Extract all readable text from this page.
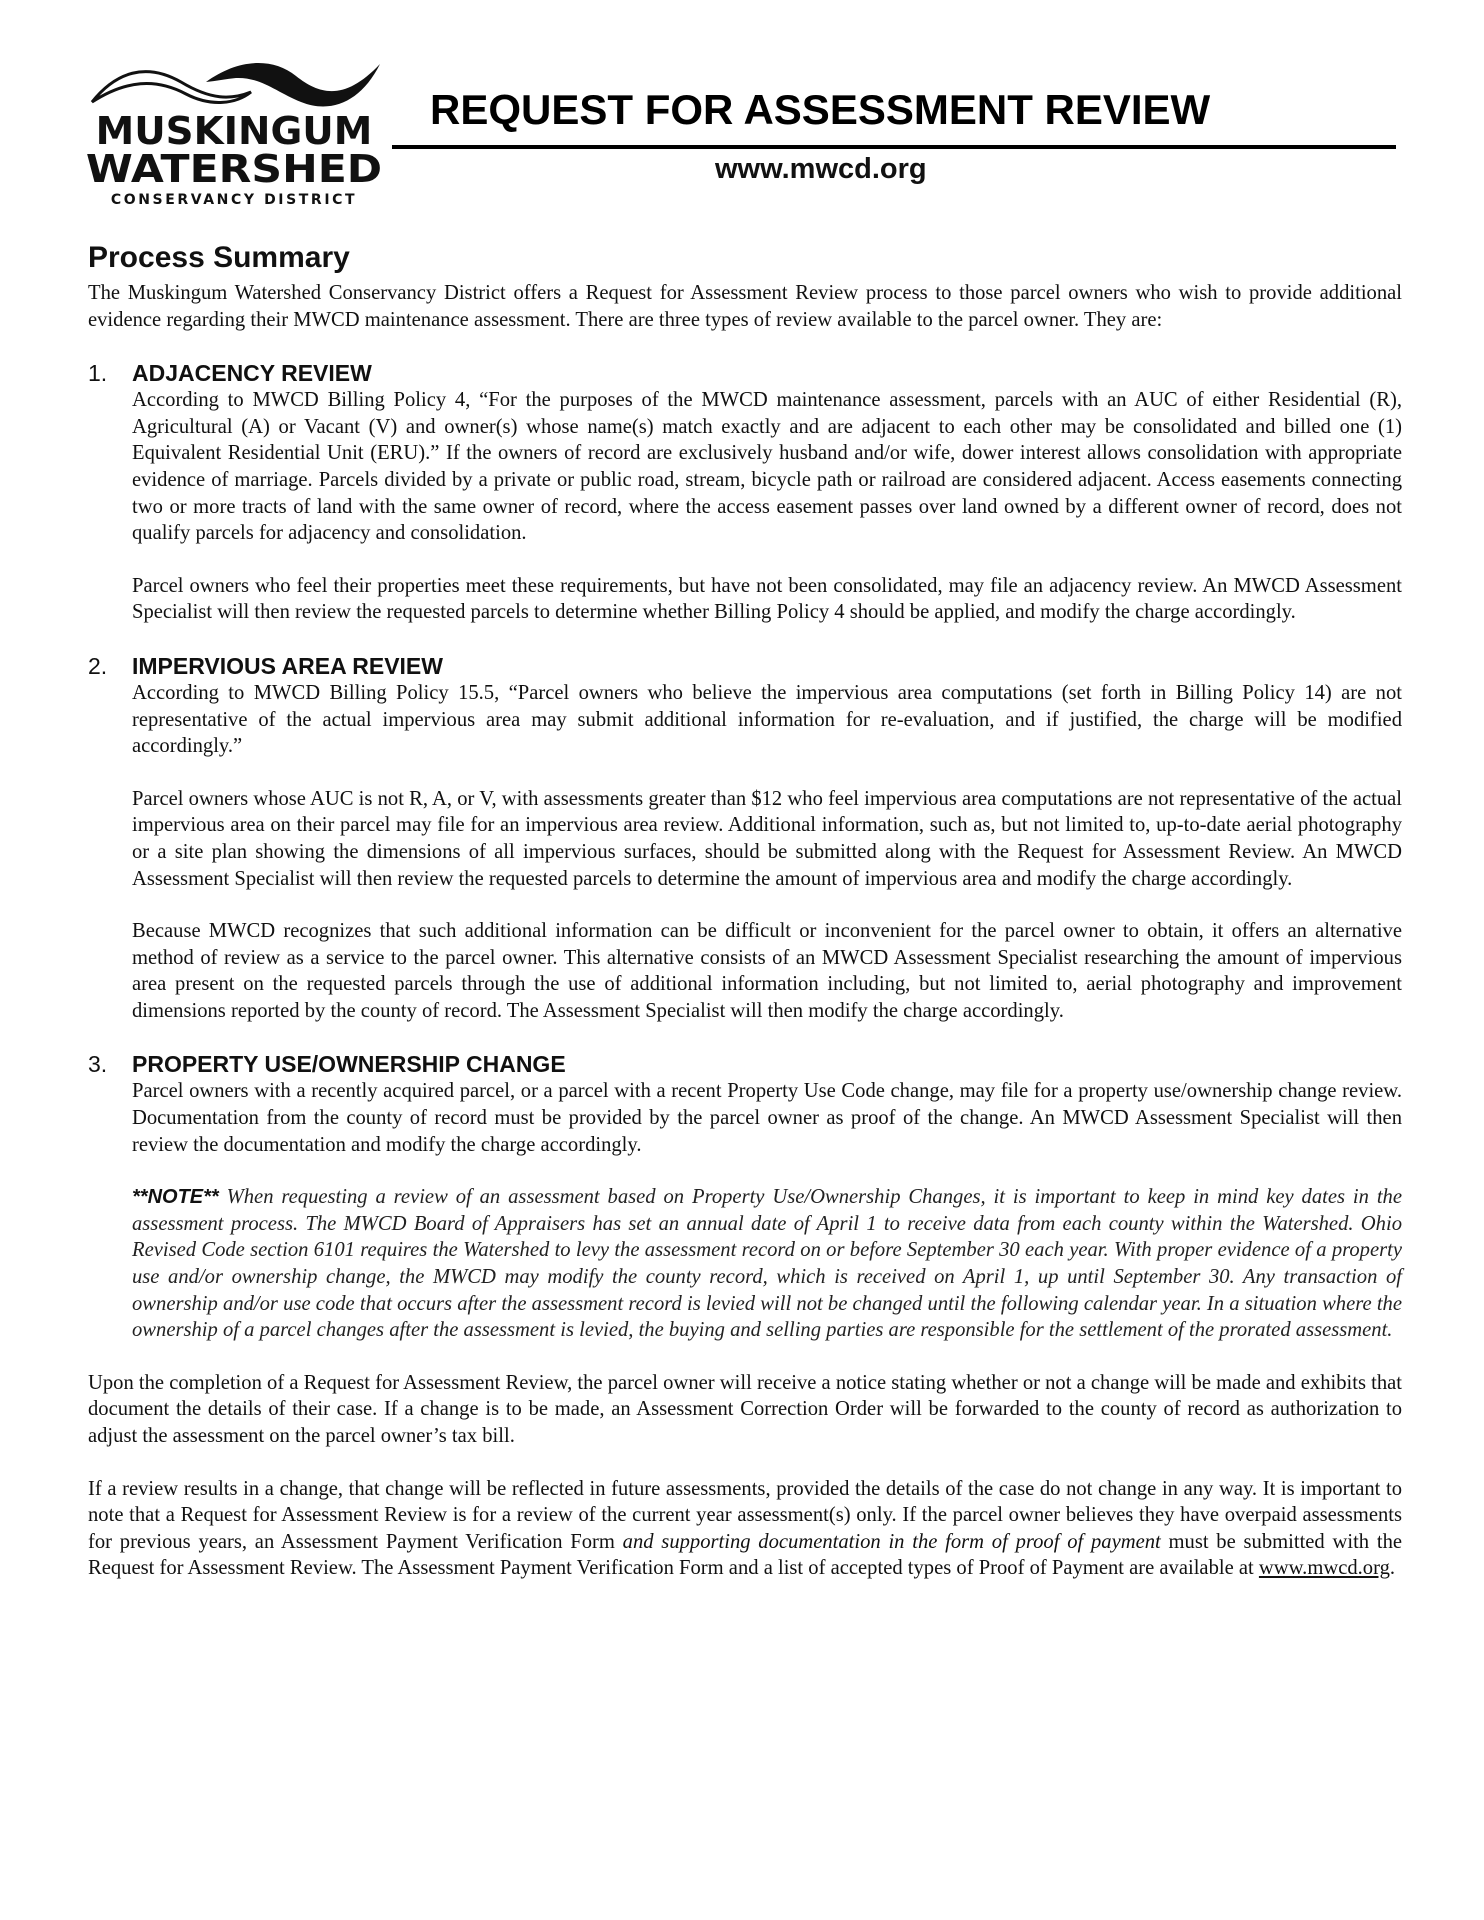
MUSKINGUM
WATERSHED
CONSERVANCY DISTRICT
REQUEST FOR ASSESSMENT REVIEW
www.mwcd.org
Process Summary

The Muskingum Watershed Conservancy District offers a Request for Assessment Review process to those parcel owners who wish to provide additional evidence regarding their MWCD maintenance assessment. There are three types of review available to the parcel owner. They are:

1. ADJACENCY REVIEW

According to MWCD Billing Policy 4, “For the purposes of the MWCD maintenance assessment, parcels with an AUC of either Residential (R), Agricultural (A) or Vacant (V) and owner(s) whose name(s) match exactly and are adjacent to each other may be consolidated and billed one (1) Equivalent Residential Unit (ERU).” If the owners of record are exclusively husband and/or wife, dower interest allows consolidation with appropriate evidence of marriage. Parcels divided by a private or public road, stream, bicycle path or railroad are considered adjacent. Access easements connecting two or more tracts of land with the same owner of record, where the access easement passes over land owned by a different owner of record, does not qualify parcels for adjacency and consolidation.

Parcel owners who feel their properties meet these requirements, but have not been consolidated, may file an adjacency review. An MWCD Assessment Specialist will then review the requested parcels to determine whether Billing Policy 4 should be applied, and modify the charge accordingly.

2. IMPERVIOUS AREA REVIEW

According to MWCD Billing Policy 15.5, “Parcel owners who believe the impervious area computations (set forth in Billing Policy 14) are not representative of the actual impervious area may submit additional information for re-evaluation, and if justified, the charge will be modified accordingly.”

Parcel owners whose AUC is not R, A, or V, with assessments greater than $12 who feel impervious area computations are not representative of the actual impervious area on their parcel may file for an impervious area review. Additional information, such as, but not limited to, up-to-date aerial photography or a site plan showing the dimensions of all impervious surfaces, should be submitted along with the Request for Assessment Review. An MWCD Assessment Specialist will then review the requested parcels to determine the amount of impervious area and modify the charge accordingly.

Because MWCD recognizes that such additional information can be difficult or inconvenient for the parcel owner to obtain, it offers an alternative method of review as a service to the parcel owner. This alternative consists of an MWCD Assessment Specialist researching the amount of impervious area present on the requested parcels through the use of additional information including, but not limited to, aerial photography and improvement dimensions reported by the county of record. The Assessment Specialist will then modify the charge accordingly.

3. PROPERTY USE/OWNERSHIP CHANGE

Parcel owners with a recently acquired parcel, or a parcel with a recent Property Use Code change, may file for a property use/ownership change review. Documentation from the county of record must be provided by the parcel owner as proof of the change. An MWCD Assessment Specialist will then review the documentation and modify the charge accordingly.

**NOTE** When requesting a review of an assessment based on Property Use/Ownership Changes, it is important to keep in mind key dates in the assessment process. The MWCD Board of Appraisers has set an annual date of April 1 to receive data from each county within the Watershed. Ohio Revised Code section 6101 requires the Watershed to levy the assessment record on or before September 30 each year. With proper evidence of a property use and/or ownership change, the MWCD may modify the county record, which is received on April 1, up until September 30. Any transaction of ownership and/or use code that occurs after the assessment record is levied will not be changed until the following calendar year. In a situation where the ownership of a parcel changes after the assessment is levied, the buying and selling parties are responsible for the settlement of the prorated assessment.

Upon the completion of a Request for Assessment Review, the parcel owner will receive a notice stating whether or not a change will be made and exhibits that document the details of their case. If a change is to be made, an Assessment Correction Order will be forwarded to the county of record as authorization to adjust the assessment on the parcel owner’s tax bill.

If a review results in a change, that change will be reflected in future assessments, provided the details of the case do not change in any way. It is important to note that a Request for Assessment Review is for a review of the current year assessment(s) only. If the parcel owner believes they have overpaid assessments for previous years, an Assessment Payment Verification Form and supporting documentation in the form of proof of payment must be submitted with the Request for Assessment Review. The Assessment Payment Verification Form and a list of accepted types of Proof of Payment are available at www.mwcd.org.
